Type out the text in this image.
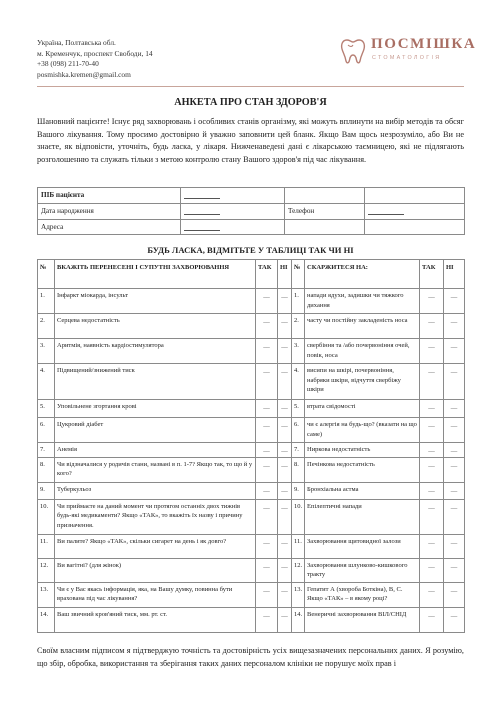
Україна, Полтавська обл.
м. Кременчук, проспект Свободи, 14
+38 (098) 211-70-40
posmishka.kremen@gmail.com
ПОСМІШКА
СТОМАТОЛОГІЯ
АНКЕТА ПРО СТАН ЗДОРОВ'Я
Шановний пацієнте! Існує ряд захворювань і особливих станів організму, які можуть вплинути на вибір методів та обсяг Вашого лікування. Тому просимо достовірно й уважно заповнити цей бланк. Якщо Вам щось незрозуміло, або Ви не знаєте, як відповісти, уточніть, будь ласка, у лікаря. Нижченаведені дані є лікарською таємницею, які не підлягають розголошенню та служать тільки з метою контролю стану Вашого здоров'я під час лікування.
ПІБ пацієнта			
Дата народження		Телефон	
Адреса			
БУДЬ ЛАСКА, ВІДМІТЬТЕ У ТАБЛИЦІ ТАК ЧИ НІ
№	ВКАЖІТЬ ПЕРЕНЕСЕНІ І СУПУТНІ ЗАХВОРЮВАННЯ	ТАК	НІ	№	СКАРЖИТЕСЯ НА:	ТАК	НІ
1.	Інфаркт міокарда, інсульт	__	__	1.	напади ядухи, задишки чи тяжкого дихання	__	__
2.	Серцева недостатність	__	__	2.	часту чи постійну закладеність носа	__	__
3.	Аритмія, наявність кардіостимулятора	__	__	3.	свербіння та /або почервоніння очей, повік, носа	__	__
4.	Підвищений/знижений тиск	__	__	4.	висипи на шкірі, почервоніння, набряки шкіри, відчуття свербіжу шкіри	__	__
5.	Уповільнене згортання крові	__	__	5.	втрата свідомості	__	__
6.	Цукровий діабет	__	__	6.	чи є алергія на будь-що? (вказати на що саме)	__	__
7.	Анемія	__	__	7.	Ниркова недостатність	__	__
8.	Чи відзначалися у родичів стани, названі в п. 1-7? Якщо так, то що й у кого?	__	__	8.	Печінкова недостатність	__	__
9.	Туберкульоз	__	__	9.	Бронхіальна астма	__	__
10.	Чи приймаєте на даний момент чи протягом останніх двох тижнів будь-які медикаменти? Якщо «ТАК», то вкажіть їх назву і причину призначення.	__	__	10.	Епілептичні напади	__	__
11.	Ви палите? Якщо «ТАК», скільки сигарет на день і як довго?	__	__	11.	Захворювання щитовидної залози	__	__
12.	Ви вагітні? (для жінок)	__	__	12.	Захворювання шлунково-кишкового тракту	__	__
13.	Чи є у Вас якась інформація, яка, на Вашу думку, повинна бути врахована під час лікування?	__	__	13.	Гепатит А (хвороба Боткіна), В, С. Якщо «ТАК» – в якому році?	__	__
14.	Ваш звичний кров'яний тиск, мм. рт. ст.	__	__	14.	Венеричні захворювання ВІЛ/СНІД	__	__
Своїм власним підписом я підтверджую точність та достовірність усіх вищезазначених персональних даних. Я розумію, що збір, обробка, використання та зберігання таких даних персоналом клініки не порушує моїх прав і
